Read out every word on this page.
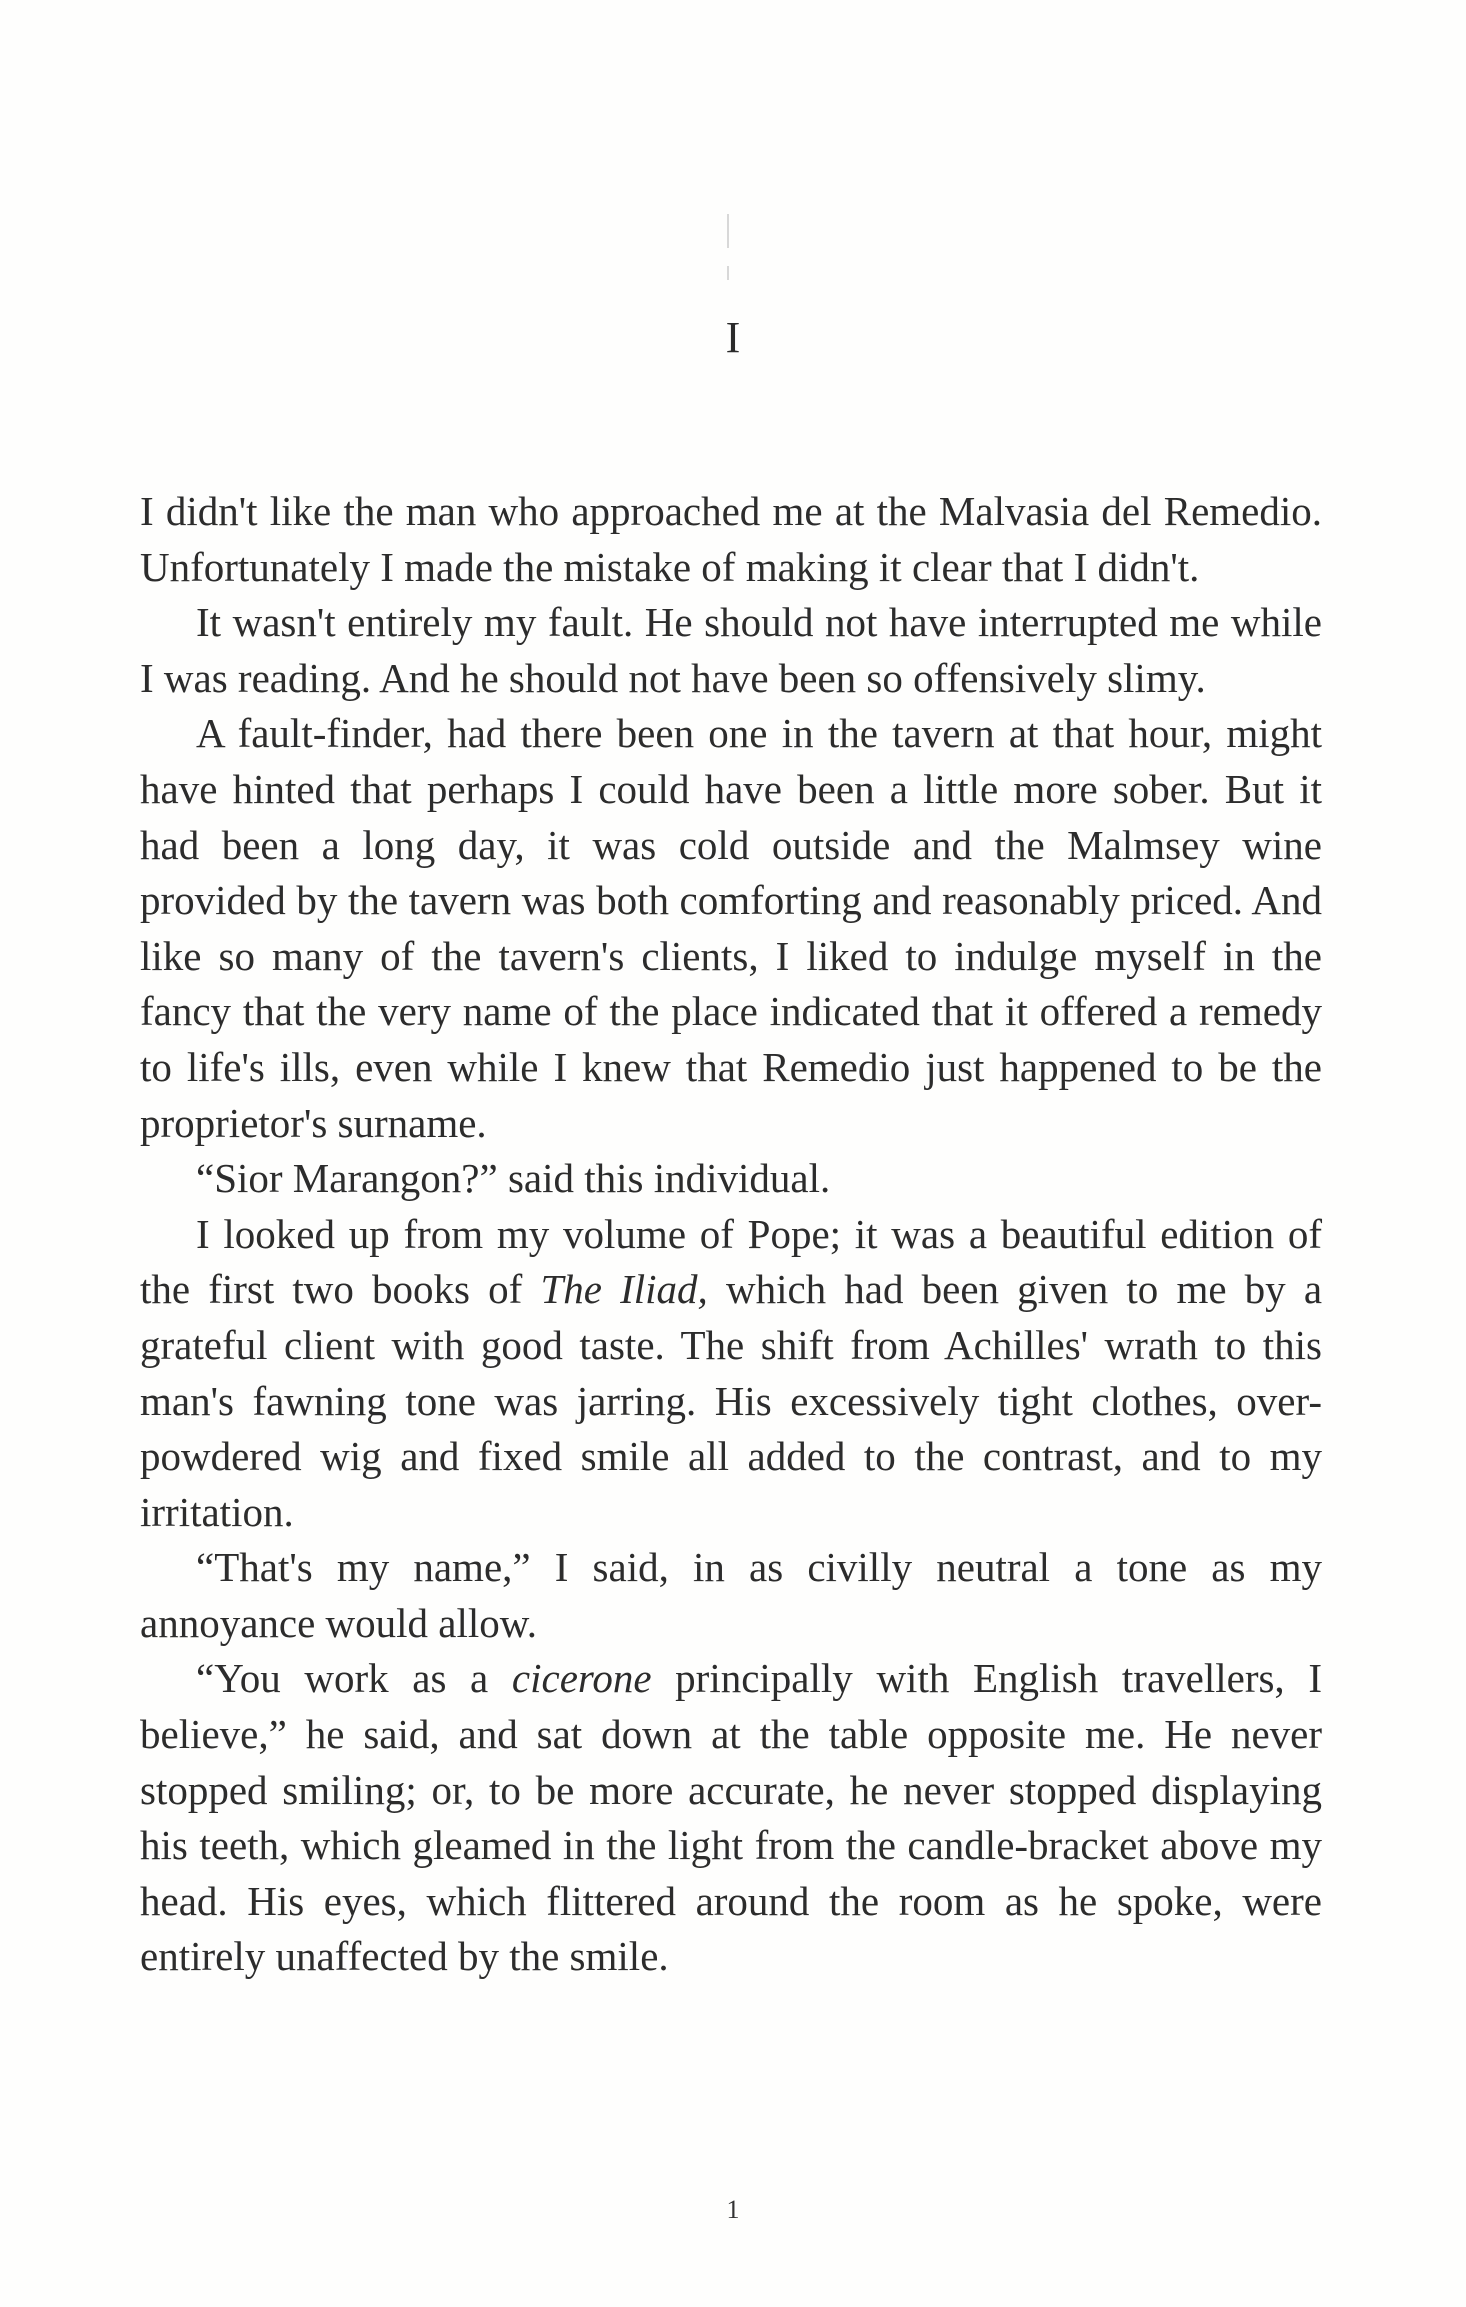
I

I didn't like the man who approached me at the Malvasia del Remedio. Unfortunately I made the mistake of making it clear that I didn't.

It wasn't entirely my fault. He should not have interrupted me while I was reading. And he should not have been so offensively slimy.

A fault-finder, had there been one in the tavern at that hour, might have hinted that perhaps I could have been a little more sober. But it had been a long day, it was cold outside and the Malmsey wine provided by the tavern was both comforting and reasonably priced. And like so many of the tavern's clients, I liked to indulge myself in the fancy that the very name of the place indicated that it offered a remedy to life's ills, even while I knew that Remedio just happened to be the proprietor's surname.

“Sior Marangon?” said this individual.

I looked up from my volume of Pope; it was a beautiful edition of the first two books of The Iliad, which had been given to me by a grateful client with good taste. The shift from Achilles' wrath to this man's fawning tone was jarring. His excessively tight clothes, over-powdered wig and fixed smile all added to the contrast, and to my irritation.

“That's my name,” I said, in as civilly neutral a tone as my annoyance would allow.

“You work as a cicerone principally with English travellers, I believe,” he said, and sat down at the table opposite me. He never stopped smiling; or, to be more accurate, he never stopped displaying his teeth, which gleamed in the light from the candle-bracket above my head. His eyes, which flittered around the room as he spoke, were entirely unaffected by the smile.

1
